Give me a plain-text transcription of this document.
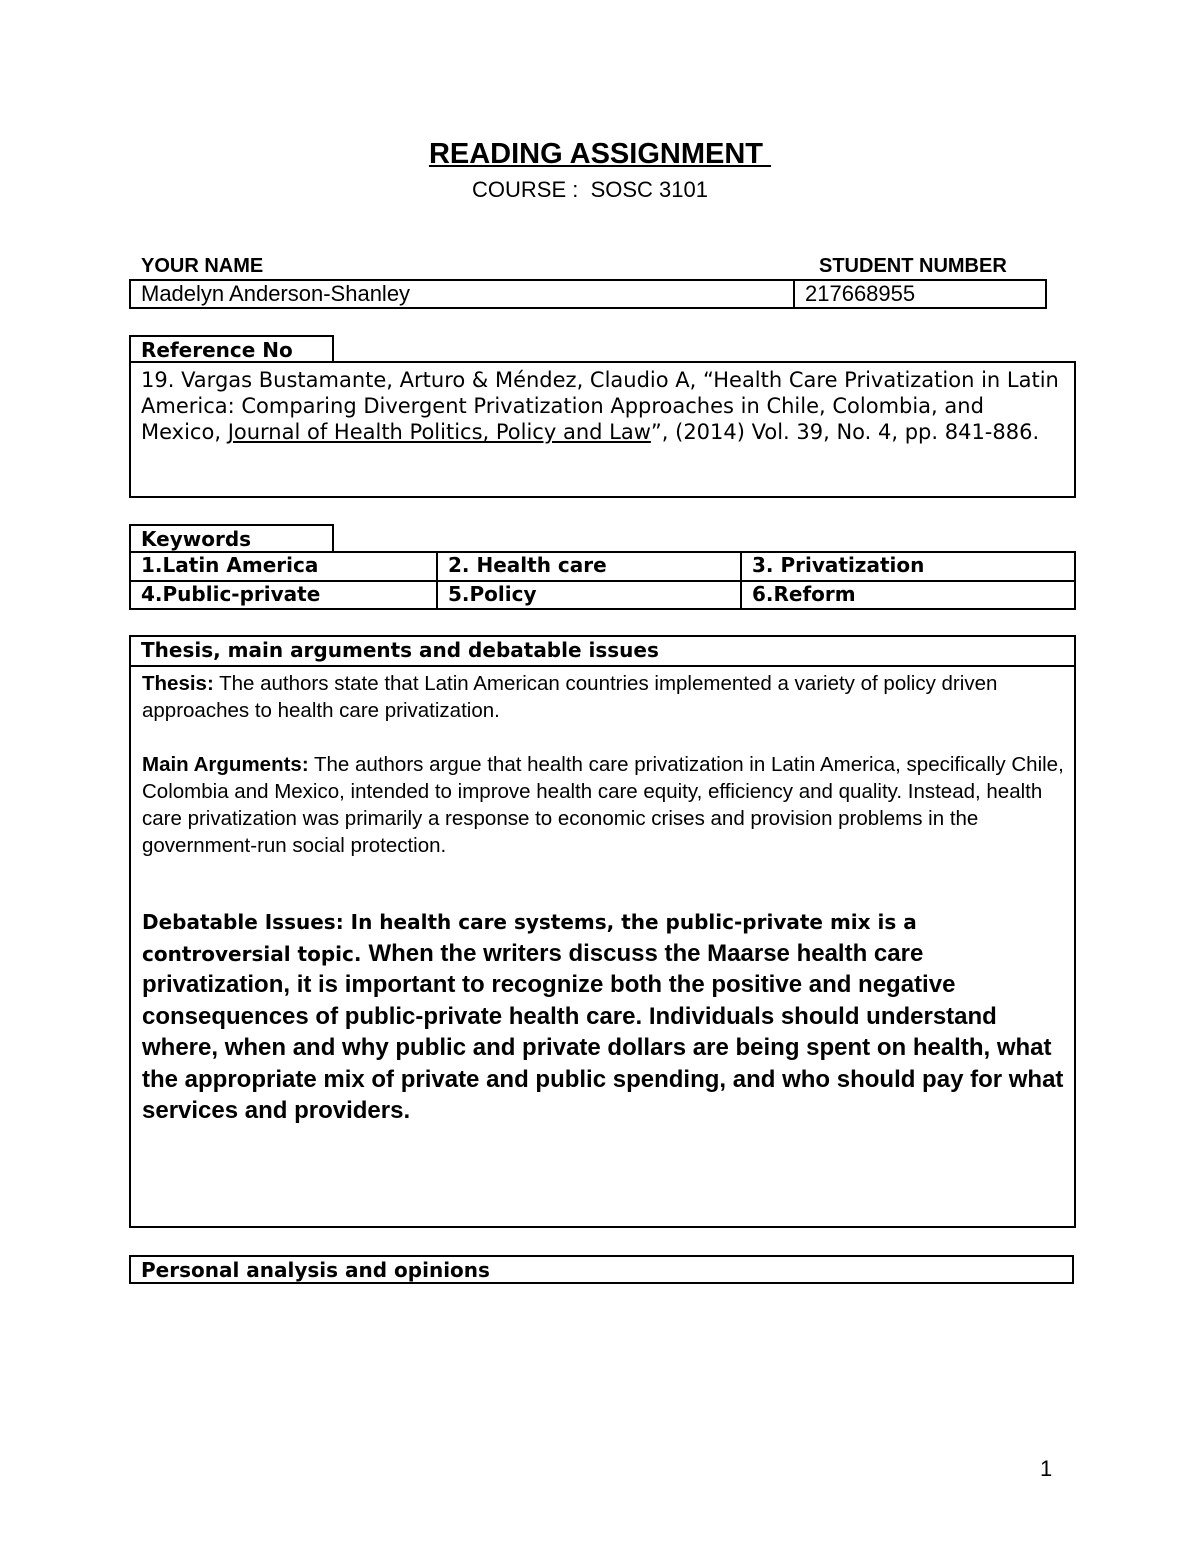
READING ASSIGNMENT
COURSE :  SOSC 3101
YOUR NAME	STUDENT NUMBER
Madelyn Anderson-Shanley	217668955
Reference No

19. Vargas Bustamante, Arturo & Méndez, Claudio A, “Health Care Privatization in Latin America: Comparing Divergent Privatization Approaches in Chile, Colombia, and Mexico, Journal of Health Politics, Policy and Law”, (2014) Vol. 39, No. 4, pp. 841-886.

Keywords
1.Latin America	2. Health care	3. Privatization
4.Public-private	5.Policy	6.Reform
Thesis, main arguments and debatable issues

Thesis: The authors state that Latin American countries implemented a variety of policy driven approaches to health care privatization.

Main Arguments: The authors argue that health care privatization in Latin America, specifically Chile, Colombia and Mexico, intended to improve health care equity, efficiency and quality. Instead, health care privatization was primarily a response to economic crises and provision problems in the government-run social protection.

Debatable Issues: In health care systems, the public-private mix is a controversial topic. When the writers discuss the Maarse health care privatization, it is important to recognize both the positive and negative consequences of public-private health care. Individuals should understand where, when and why public and private dollars are being spent on health, what the appropriate mix of private and public spending, and who should pay for what services and providers.

Personal analysis and opinions
1
